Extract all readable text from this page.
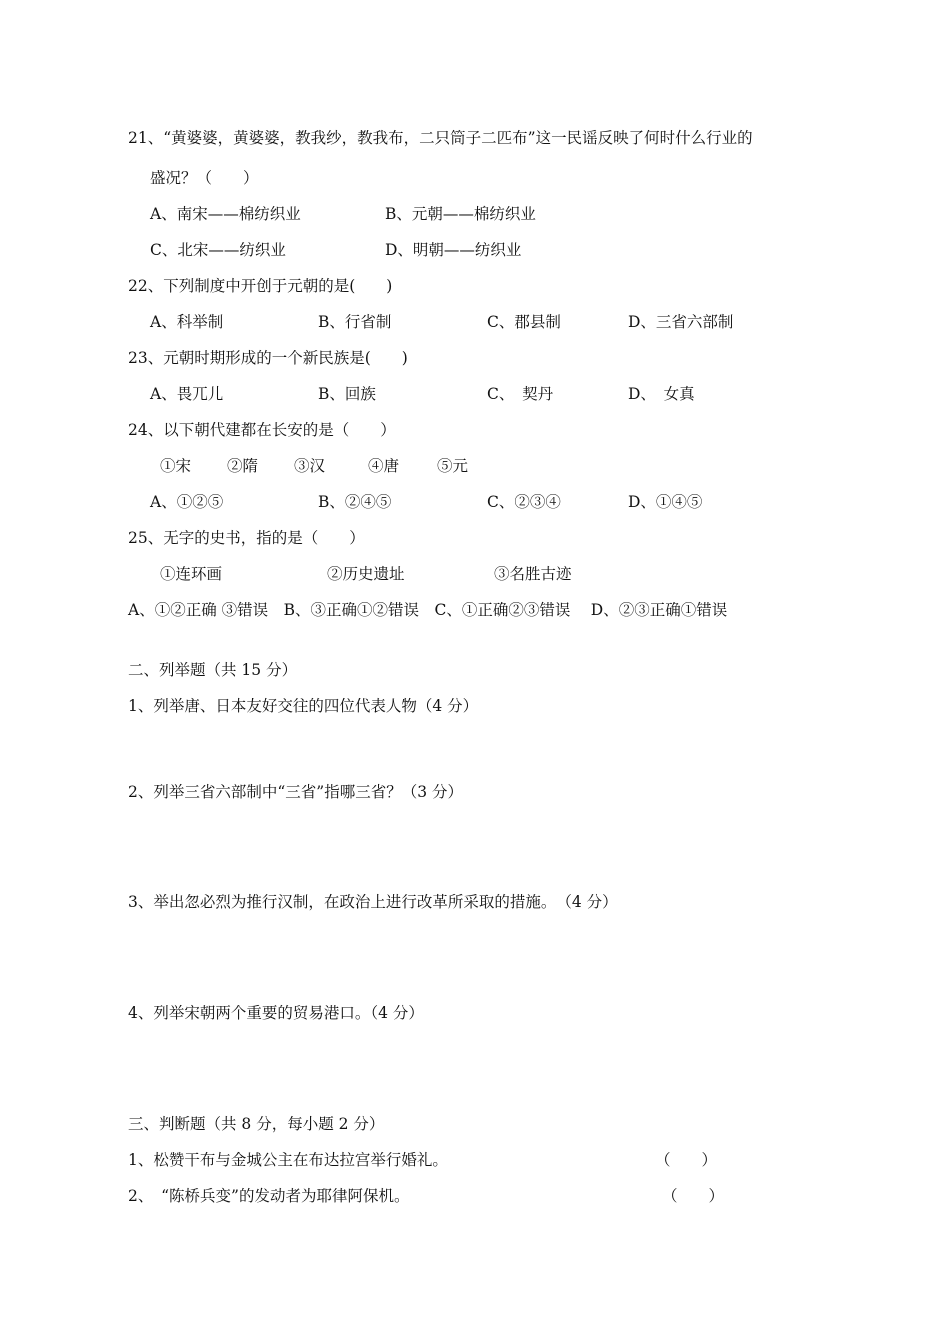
21、“黄婆婆，黄婆婆，教我纱，教我布，二只筒子二匹布”这一民谣反映了何时什么行业的
盛况？（　　）
A、南宋——棉纺织业	B、元朝——棉纺织业
C、北宋——纺织业	D、明朝——纺织业
22、下列制度中开创于元朝的是(　　)
A、科举制	B、行省制	C、郡县制	D、三省六部制
23、元朝时期形成的一个新民族是(　　)
A、畏兀儿	B、回族	C、　契丹	D、　女真
24、以下朝代建都在长安的是（　　）
①宋 ②隋 ③汉	④唐 ⑤元
A、①②⑤	B、②④⑤	C、②③④	D、①④⑤
25、无字的史书，指的是（　　）
①连环画	②历史遗址	③名胜古迹
A、①②正确 ③错误　B、③正确①②错误　C、①正确②③错误　 D、②③正确①错误
二、列举题（共 15 分）
1、列举唐、日本友好交往的四位代表人物（4 分）
2、列举三省六部制中“三省”指哪三省？（3 分）
3、举出忽必烈为推行汉制，在政治上进行改革所采取的措施。　（4 分）
4、列举宋朝两个重要的贸易港口。（4 分）
三、判断题（共 8 分，每小题 2 分）
1、松赞干布与金城公主在布达拉宫举行婚礼。	（　　）
2、　“陈桥兵变”的发动者为耶律阿保机。	（　　）
